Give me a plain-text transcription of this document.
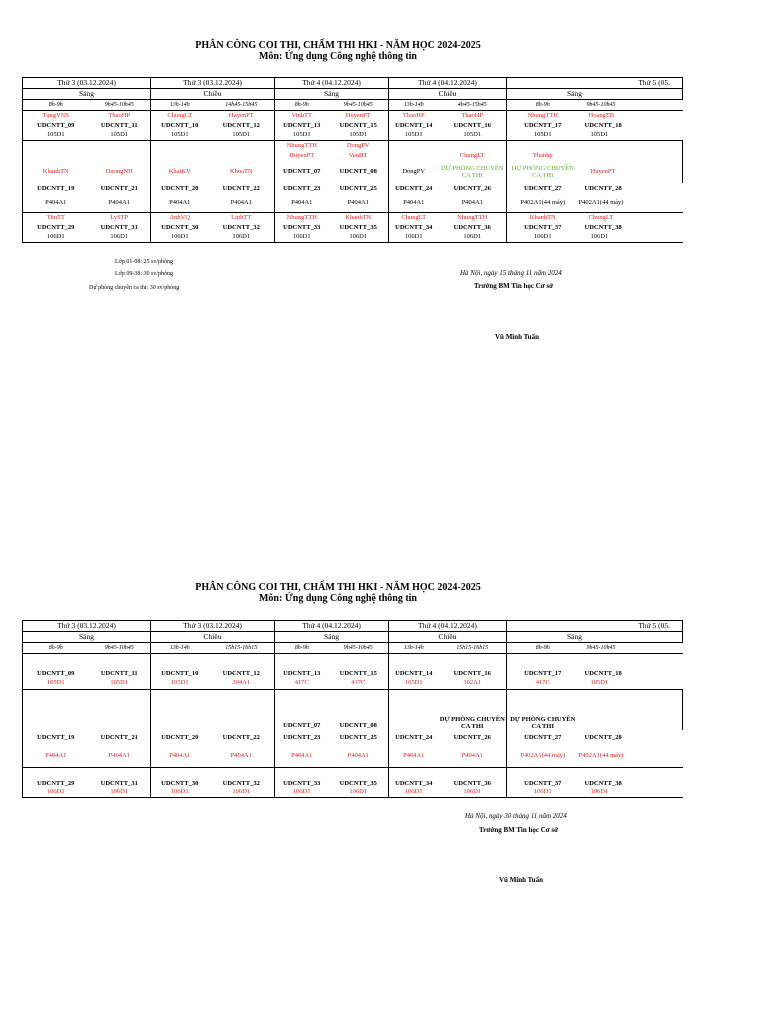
PHÂN CÔNG COI THI, CHẤM THI HKI - NĂM HỌC 2024-2025
Môn: Ứng dụng Công nghệ thông tin
Thứ 3 (03.12.2024)		Thứ 3 (03.12.2024)		Thứ 4 (04.12.2024)		Thứ 4 (04.12.2024)		Thứ 5 (05.	
Sáng		Chiều		Sáng		Chiều		Sáng	
8h-9h	9h45-10h45	13h-14h	14h45-15h45	8h-9h	9h45-10h45	13h-14h	4h45-15h45	8h-9h	9h45-10h45
TungVNS	ThaoHP	ChungLT	HuyenPT	VinhTT	HuyenPT	ThaoHP	ThaoHP	NhungTTH	HoangTB
UDCNTT_09	UDCNTT_11	UDCNTT_10	UDCNTT_12	UDCNTT_13	UDCNTT_15	UDCNTT_14	UDCNTT_16	UDCNTT_17	UDCNTT_18
105D1	105D1	105D1	105D1	105D1	105D1	105D1	105D1	105D1	105D1
				NhungTTH	DongPV				
				HuyenPT	VanHT		ChungLT	Thanhp	
KhanhTN	DuongNH	KhaiKV	KhoaTN	UDCNTT_07	UDCNTT_08	DongPV	DỰ PHÒNG CHUYÊN CA THI	DỰ PHÒNG CHUYÊN CA THI	HuyenPT
UDCNTT_19	UDCNTT_21	UDCNTT_20	UDCNTT_22	UDCNTT_23	UDCNTT_25	UDCNTT_24	UDCNTT_26	UDCNTT_27	UDCNTT_28
P404A1	P404A1	P404A1	P404A1	P404A1	P404A1	P404A1	P404A1	P402A1(44 máy)	P402A1(44 máy)
ThuTT	LySTP	AnhVQ	LinhTT	NhungTTH	KhanhTN	ChungLT	NhungTTH	KhanhTN	ChungLT
UDCNTT_29	UDCNTT_31	UDCNTT_30	UDCNTT_32	UDCNTT_33	UDCNTT_35	UDCNTT_34	UDCNTT_36	UDCNTT_37	UDCNTT_38
106D1	106D1	106D1	106D1	106D1	106D1	106D1	106D1	106D1	106D1
Lớp 01-08: 25 sv/phòng
Lớp 09-38: 30 sv/phòng
Dự phòng chuyên ca thi: 30 sv/phòng
Hà Nội, ngày 15 tháng 11 năm 2024
Trưởng BM Tin học Cơ sở
Vũ Minh Tuấn
PHÂN CÔNG COI THI, CHẤM THI HKI - NĂM HỌC 2024-2025
Môn: Ứng dụng Công nghệ thông tin
Thứ 3 (03.12.2024)		Thứ 3 (03.12.2024)		Thứ 4 (04.12.2024)		Thứ 4 (04.12.2024)		Thứ 5 (05.	
Sáng		Chiều		Sáng		Chiều		Sáng	
8h-9h	9h45-10h45	13h-14h	15h15-16h15	8h-9h	9h45-10h45	13h-14h	15h15-16h15	8h-9h	9h45-10h45
UDCNTT_09	UDCNTT_11	UDCNTT_10	UDCNTT_12	UDCNTT_13	UDCNTT_15	UDCNTT_14	UDCNTT_16	UDCNTT_17	UDCNTT_18
105D1	105D1	105D1	304A1	417C	417C	105D1	302A1	417C	105D1
				UDCNTT_07	UDCNTT_08		DỰ PHÒNG CHUYÊN CA THI	DỰ PHÒNG CHUYÊN CA THI	
UDCNTT_19	UDCNTT_21	UDCNTT_20	UDCNTT_22	UDCNTT_23	UDCNTT_25	UDCNTT_24	UDCNTT_26	UDCNTT_27	UDCNTT_28
P404A1	P404A1	P404A1	P404A1	P404A1	P404A1	P404A1	P404A1	P402A1(44 máy)	P402A1(44 máy)
UDCNTT_29	UDCNTT_31	UDCNTT_30	UDCNTT_32	UDCNTT_33	UDCNTT_35	UDCNTT_34	UDCNTT_36	UDCNTT_37	UDCNTT_38
106D1	106D1	106D1	106D1	106D1	106D1	106D1	106D1	106D1	106D1
Hà Nội, ngày 30 tháng 11 năm 2024
Trưởng BM Tin học Cơ sở
Vũ Minh Tuấn
